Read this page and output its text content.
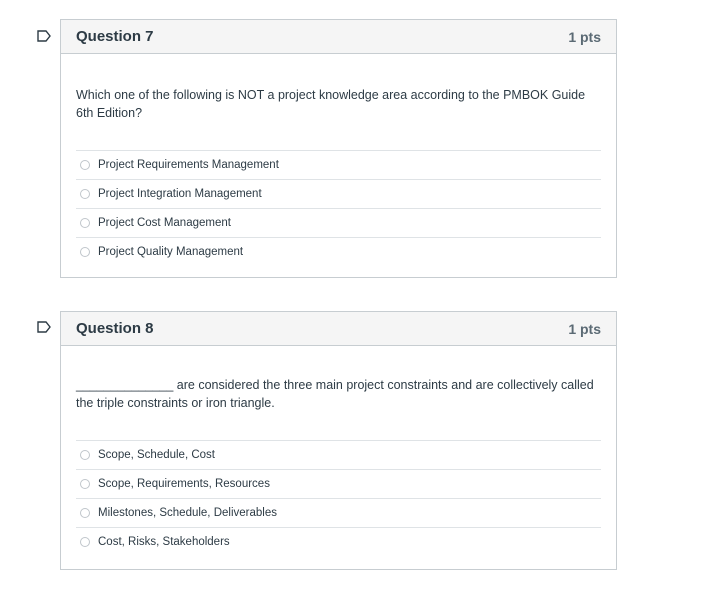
Question 7	1 pts
Which one of the following is NOT a project knowledge area according to the PMBOK Guide 6th Edition?
Project Requirements Management
Project Integration Management
Project Cost Management
Project Quality Management
Question 8	1 pts
______________ are considered the three main project constraints and are collectively called the triple constraints or iron triangle.
Scope, Schedule, Cost
Scope, Requirements, Resources
Milestones, Schedule, Deliverables
Cost, Risks, Stakeholders
